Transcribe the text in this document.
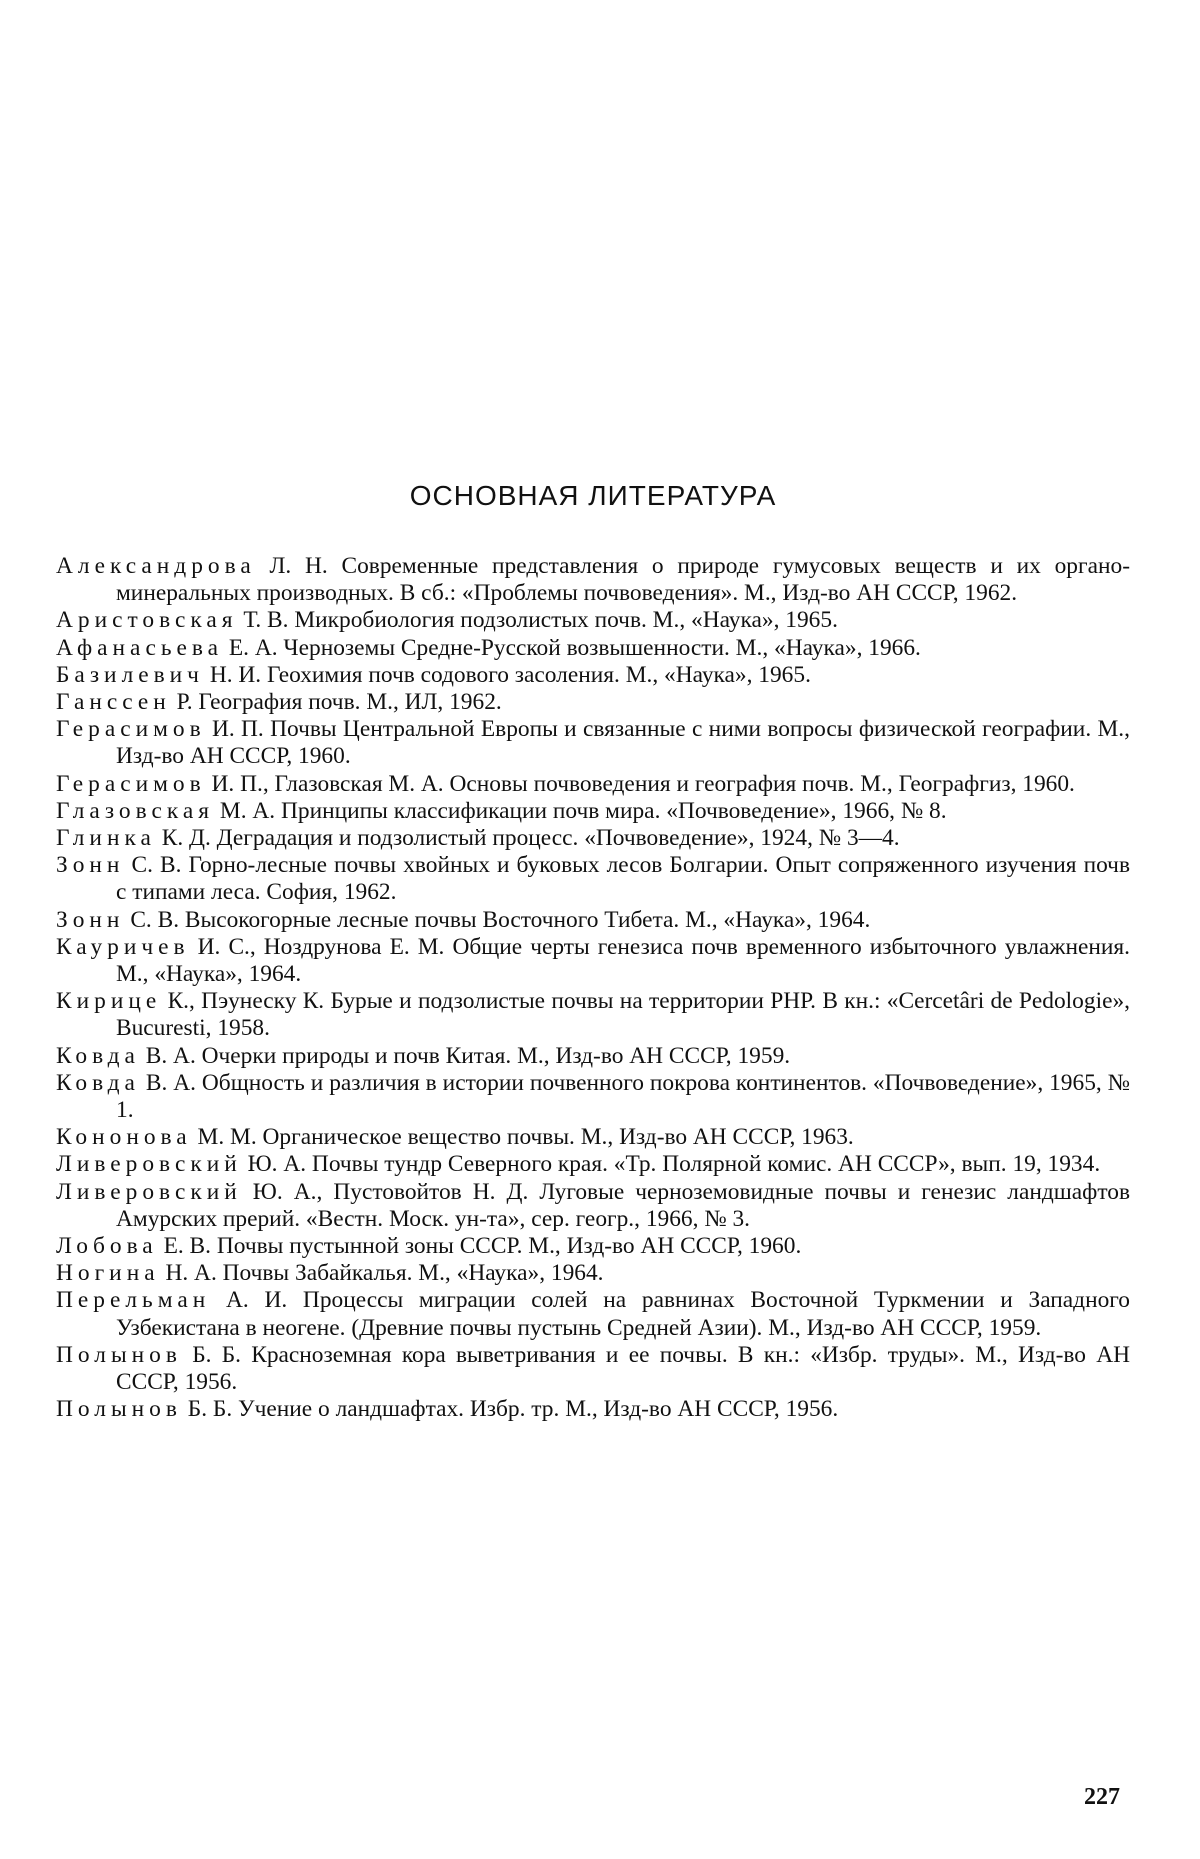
ОСНОВНАЯ ЛИТЕРАТУРА
Александрова Л. Н. Современные представления о природе гумусовых веществ и их органо-минеральных производных. В сб.: «Проблемы почвоведения». М., Изд-во АН СССР, 1962.
Аристовская Т. В. Микробиология подзолистых почв. М., «Наука», 1965.
Афанасьева Е. А. Черноземы Средне-Русской возвышенности. М., «Наука», 1966.
Базилевич Н. И. Геохимия почв содового засоления. М., «Наука», 1965.
Ганссен Р. География почв. М., ИЛ, 1962.
Герасимов И. П. Почвы Центральной Европы и связанные с ними вопросы физической географии. М., Изд-во АН СССР, 1960.
Герасимов И. П., Глазовская М. А. Основы почвоведения и география почв. М., Географгиз, 1960.
Глазовская М. А. Принципы классификации почв мира. «Почвоведение», 1966, № 8.
Глинка К. Д. Деградация и подзолистый процесс. «Почвоведение», 1924, № 3—4.
Зонн С. В. Горно-лесные почвы хвойных и буковых лесов Болгарии. Опыт сопряженного изучения почв с типами леса. София, 1962.
Зонн С. В. Высокогорные лесные почвы Восточного Тибета. М., «Наука», 1964.
Кауричев И. С., Ноздрунова Е. М. Общие черты генезиса почв временного избыточного увлажнения. М., «Наука», 1964.
Кирице К., Пэунеску К. Бурые и подзолистые почвы на территории РНР. В кн.: «Cercetâri de Pedologie», Bucuresti, 1958.
Ковда В. А. Очерки природы и почв Китая. М., Изд-во АН СССР, 1959.
Ковда В. А. Общность и различия в истории почвенного покрова континентов. «Почвоведение», 1965, № 1.
Кононова М. М. Органическое вещество почвы. М., Изд-во АН СССР, 1963.
Ливеровский Ю. А. Почвы тундр Северного края. «Тр. Полярной комис. АН СССР», вып. 19, 1934.
Ливеровский Ю. А., Пустовойтов Н. Д. Луговые черноземовидные почвы и генезис ландшафтов Амурских прерий. «Вестн. Моск. ун-та», сер. геогр., 1966, № 3.
Лобова Е. В. Почвы пустынной зоны СССР. М., Изд-во АН СССР, 1960.
Ногина Н. А. Почвы Забайкалья. М., «Наука», 1964.
Перельман А. И. Процессы миграции солей на равнинах Восточной Туркмении и Западного Узбекистана в неогене. (Древние почвы пустынь Средней Азии). М., Изд-во АН СССР, 1959.
Полынов Б. Б. Красноземная кора выветривания и ее почвы. В кн.: «Избр. труды». М., Изд-во АН СССР, 1956.
Полынов Б. Б. Учение о ландшафтах. Избр. тр. М., Изд-во АН СССР, 1956.
227
